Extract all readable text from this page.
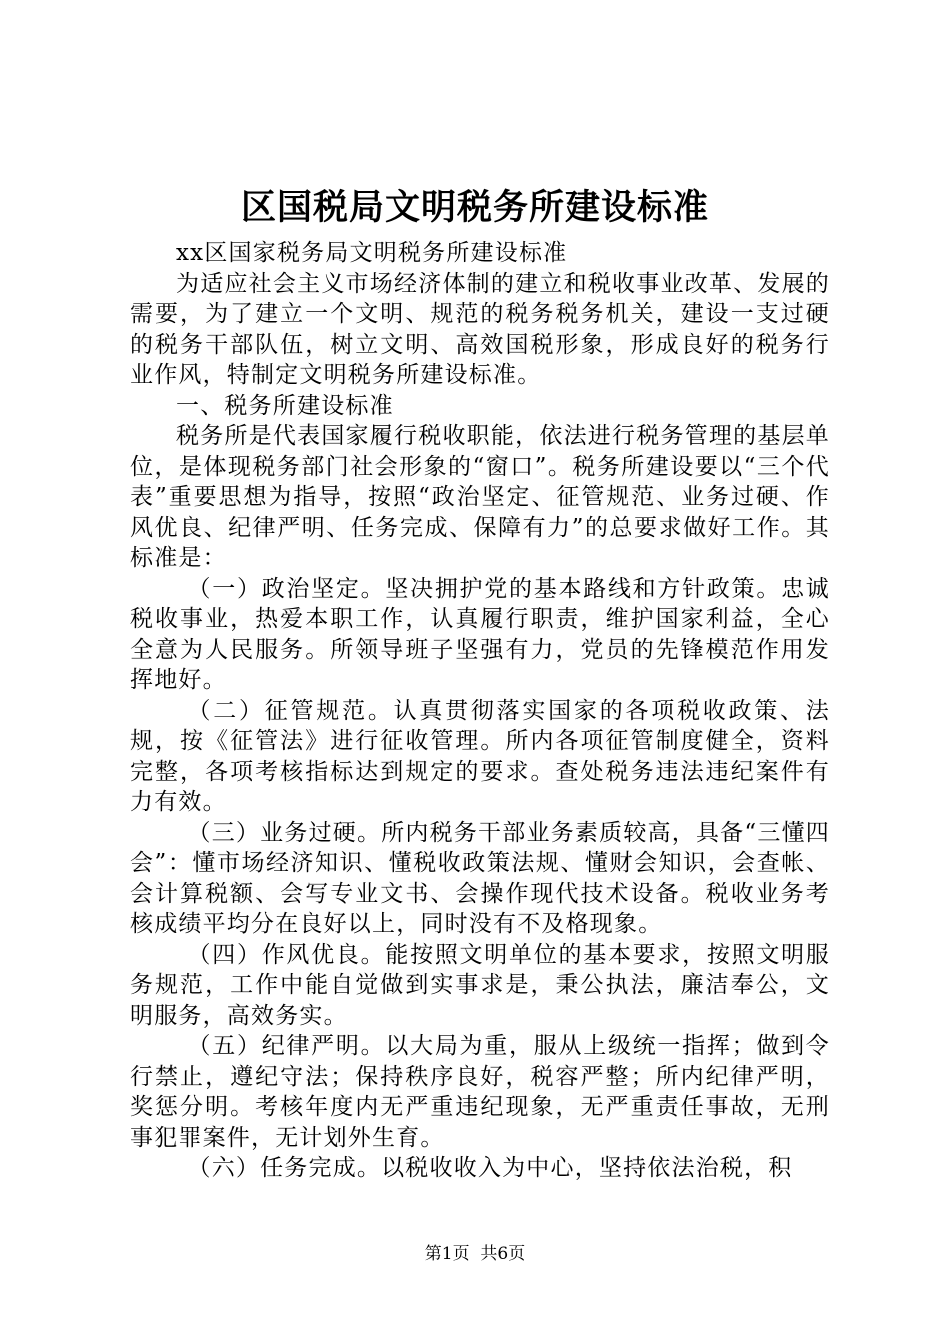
区国税局文明税务所建设标准

xx区国家税务局文明税务所建设标准

为适应社会主义市场经济体制的建立和税收事业改革、发展的需要，为了建立一个文明、规范的税务税务机关，建设一支过硬的税务干部队伍，树立文明、高效国税形象，形成良好的税务行业作风，特制定文明税务所建设标准。

一、税务所建设标准

税务所是代表国家履行税收职能，依法进行税务管理的基层单位，是体现税务部门社会形象的“窗口”。税务所建设要以“三个代表”重要思想为指导，按照“政治坚定、征管规范、业务过硬、作风优良、纪律严明、任务完成、保障有力”的总要求做好工作。其标准是：

（一）政治坚定。坚决拥护党的基本路线和方针政策。忠诚税收事业，热爱本职工作，认真履行职责，维护国家利益，全心全意为人民服务。所领导班子坚强有力，党员的先锋模范作用发挥地好。

（二）征管规范。认真贯彻落实国家的各项税收政策、法规，按《征管法》进行征收管理。所内各项征管制度健全，资料完整，各项考核指标达到规定的要求。查处税务违法违纪案件有力有效。

（三）业务过硬。所内税务干部业务素质较高，具备“三懂四会”：懂市场经济知识、懂税收政策法规、懂财会知识，会查帐、会计算税额、会写专业文书、会操作现代技术设备。税收业务考核成绩平均分在良好以上，同时没有不及格现象。

（四）作风优良。能按照文明单位的基本要求，按照文明服务规范，工作中能自觉做到实事求是，秉公执法，廉洁奉公，文明服务，高效务实。

（五）纪律严明。以大局为重，服从上级统一指挥；做到令行禁止，遵纪守法；保持秩序良好，税容严整；所内纪律严明，奖惩分明。考核年度内无严重违纪现象，无严重责任事故，无刑事犯罪案件，无计划外生育。

（六）任务完成。以税收收入为中心，坚持依法治税，积

第1页  共6页
